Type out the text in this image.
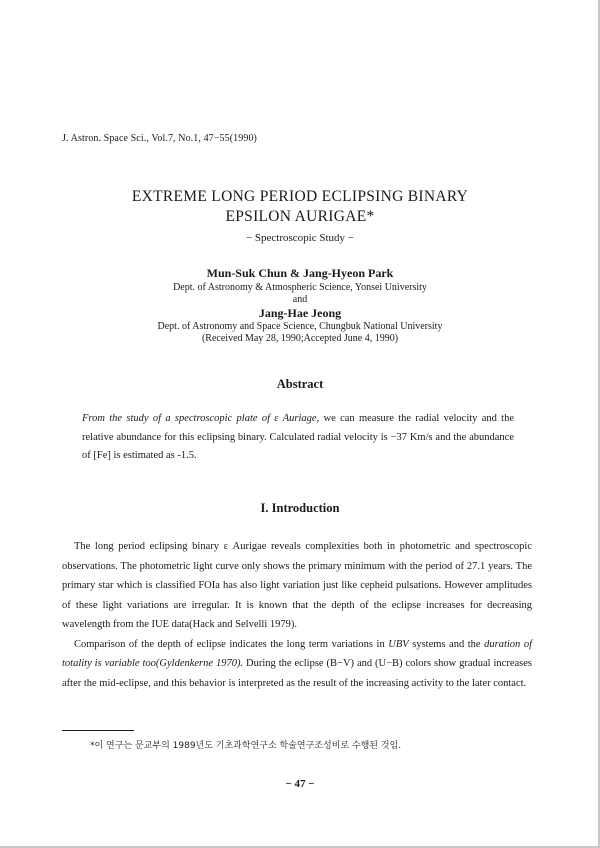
J. Astron. Space Sci., Vol.7, No.1, 47−55(1990)
EXTREME LONG PERIOD ECLIPSING BINARY
EPSILON AURIGAE*
− Spectroscopic Study −
Mun-Suk Chun & Jang-Hyeon Park
Dept. of Astronomy & Atmospheric Science, Yonsei University
and
Jang-Hae Jeong
Dept. of Astronomy and Space Science, Chungbuk National University
(Received May 28, 1990;Accepted June 4, 1990)
Abstract
From the study of a spectroscopic plate of ε Auriage, we can measure the radial velocity and the relative abundance for this eclipsing binary. Calculated radial velocity is −37 Km/s and the abundance of [Fe] is estimated as -1.5.
I. Introduction

The long period eclipsing binary ε Aurigae reveals complexities both in photometric and spectroscopic observations. The photometric light curve only shows the primary minimum with the period of 27.1 years. The primary star which is classified FOIa has also light variation just like cepheid pulsations. However amplitudes of these light variations are irregular. It is known that the depth of the eclipse increases for decreasing wavelength from the IUE data(Hack and Selvelli 1979).

Comparison of the depth of eclipse indicates the long term variations in UBV systems and the duration of totality is variable too(Gyldenkerne 1970). During the eclipse (B−V) and (U−B) colors show gradual increases after the mid-eclipse, and this behavior is interpreted as the result of the increasing activity to the later contact.

*이 연구는 문교부의 1989년도 기초과학연구소 학술연구조성비로 수행된 것임.
− 47 −
